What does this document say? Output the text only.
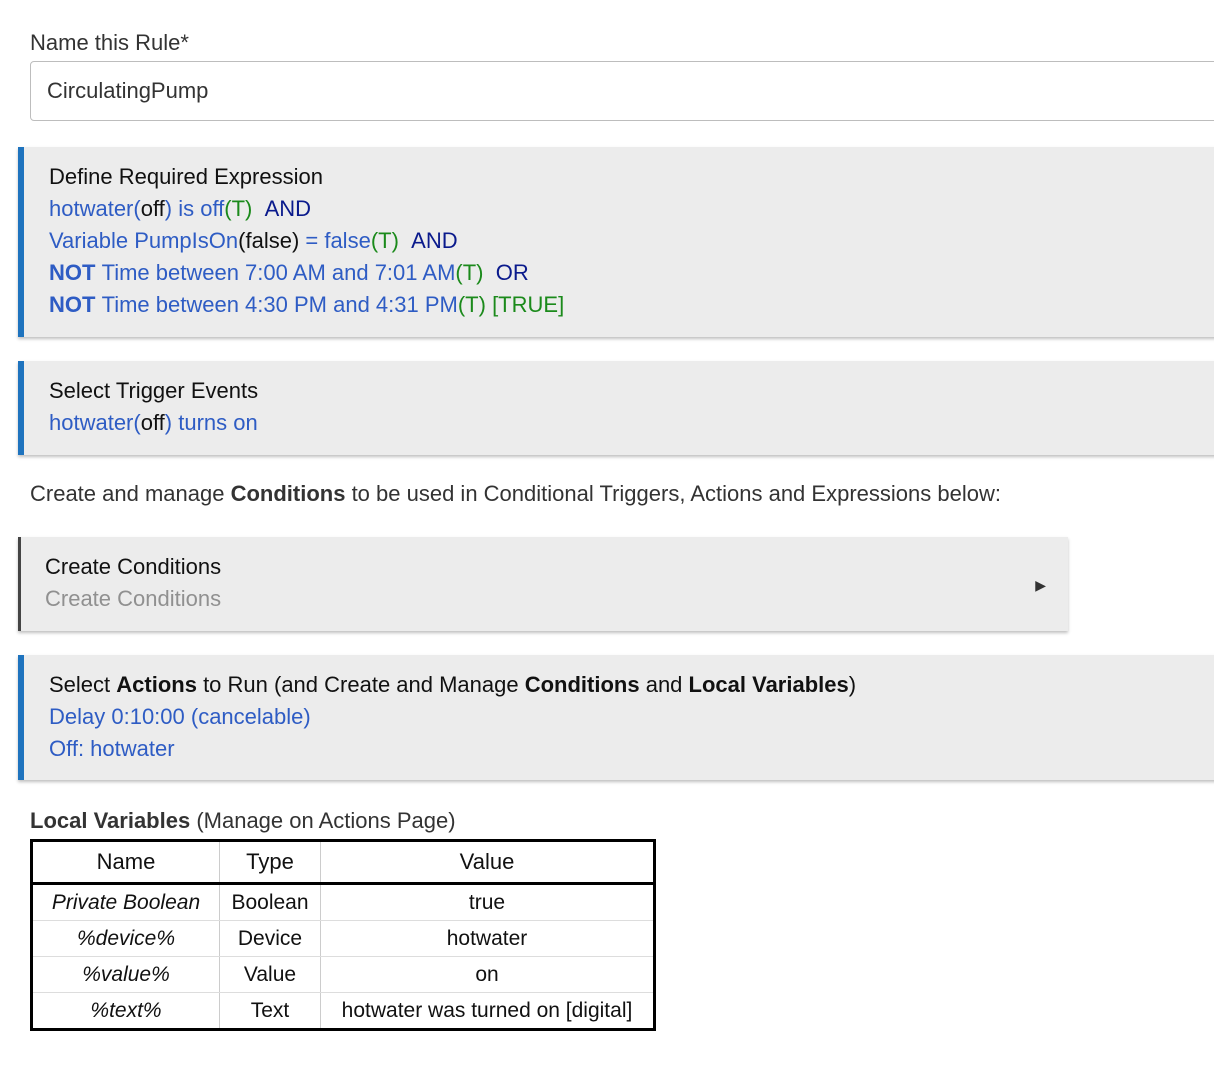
Name this Rule*
CirculatingPump
Define Required Expression
hotwater(off) is off(T) AND
Variable PumpIsOn(false) = false(T) AND
NOT Time between 7:00 AM and 7:01 AM(T) OR
NOT Time between 4:30 PM and 4:31 PM(T) [TRUE]
Select Trigger Events
hotwater(off) turns on
Create and manage Conditions to be used in Conditional Triggers, Actions and Expressions below:
Create Conditions
Create Conditions
▶
Select Actions to Run (and Create and Manage Conditions and Local Variables)
Delay 0:10:00 (cancelable)
Off: hotwater
Local Variables (Manage on Actions Page)
Name	Type	Value
Private Boolean	Boolean	true
%device%	Device	hotwater
%value%	Value	on
%text%	Text	hotwater was turned on [digital]
